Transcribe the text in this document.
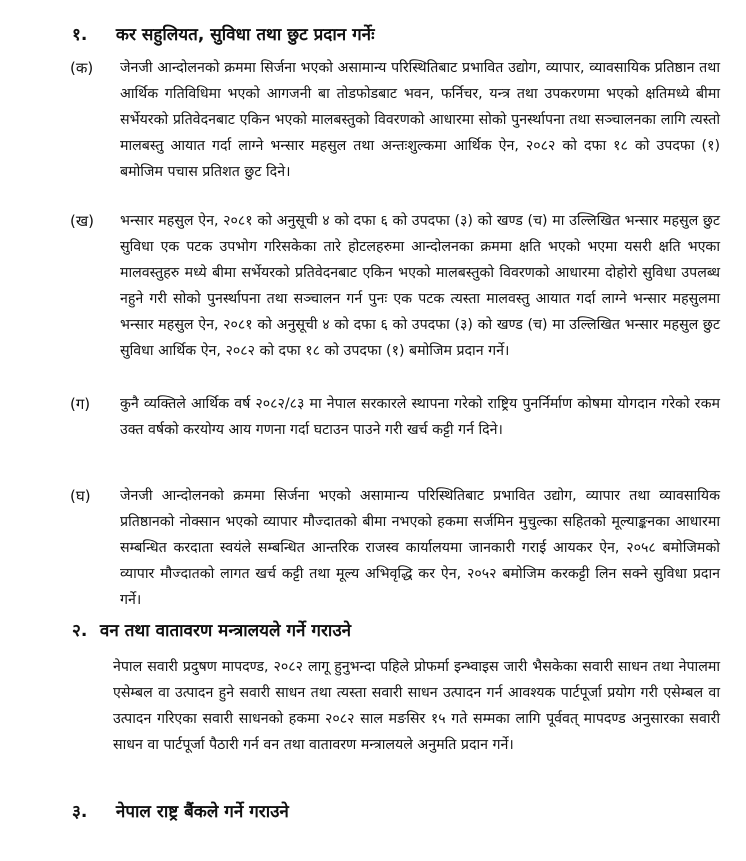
१. कर सहुलियत, सुविधा तथा छुट प्रदान गर्नेः
(क) जेनजी आन्दोलनको क्रममा सिर्जना भएको असामान्य परिस्थितिबाट प्रभावित उद्योग, व्यापार, व्यावसायिक प्रतिष्ठान तथा आर्थिक गतिविधिमा भएको आगजनी बा तोडफोडबाट भवन, फर्निचर, यन्त्र तथा उपकरणमा भएको क्षतिमध्ये बीमा सर्भेयरको प्रतिवेदनबाट एकिन भएको मालबस्तुको विवरणको आधारमा सोको पुनर्स्थापना तथा सञ्चालनका लागि त्यस्तो मालबस्तु आयात गर्दा लाग्ने भन्सार महसुल तथा अन्तःशुल्कमा आर्थिक ऐन, २०८२ को दफा १८ को उपदफा (१) बमोजिम पचास प्रतिशत छुट दिने।
(ख) भन्सार महसुल ऐन, २०८१ को अनुसूची ४ को दफा ६ को उपदफा (३) को खण्ड (च) मा उल्लिखित भन्सार महसुल छुट सुविधा एक पटक उपभोग गरिसकेका तारे होटलहरुमा आन्दोलनका क्रममा क्षति भएको भएमा यसरी क्षति भएका मालवस्तुहरु मध्ये बीमा सर्भेयरको प्रतिवेदनबाट एकिन भएको मालबस्तुको विवरणको आधारमा दोहोरो सुविधा उपलब्ध नहुने गरी सोको पुनर्स्थापना तथा सञ्चालन गर्न पुनः एक पटक त्यस्ता मालवस्तु आयात गर्दा लाग्ने भन्सार महसुलमा भन्सार महसुल ऐन, २०८१ को अनुसूची ४ को दफा ६ को उपदफा (३) को खण्ड (च) मा उल्लिखित भन्सार महसुल छुट सुविधा आर्थिक ऐन, २०८२ को दफा १८ को उपदफा (१) बमोजिम प्रदान गर्ने।
(ग) कुनै व्यक्तिले आर्थिक वर्ष २०८२/८३ मा नेपाल सरकारले स्थापना गरेको राष्ट्रिय पुनर्निर्माण कोषमा योगदान गरेको रकम उक्त वर्षको करयोग्य आय गणना गर्दा घटाउन पाउने गरी खर्च कट्टी गर्न दिने।
(घ) जेनजी आन्दोलनको क्रममा सिर्जना भएको असामान्य परिस्थितिबाट प्रभावित उद्योग, व्यापार तथा व्यावसायिक प्रतिष्ठानको नोक्सान भएको व्यापार मौज्दातको बीमा नभएको हकमा सर्जमिन मुचुल्का सहितको मूल्याङ्कनका आधारमा सम्बन्धित करदाता स्वयंले सम्बन्धित आन्तरिक राजस्व कार्यालयमा जानकारी गराई आयकर ऐन, २०५८ बमोजिमको व्यापार मौज्दातको लागत खर्च कट्टी तथा मूल्य अभिवृद्धि कर ऐन, २०५२ बमोजिम करकट्टी लिन सक्ने सुविधा प्रदान गर्ने।
२. वन तथा वातावरण मन्त्रालयले गर्ने गराउने
नेपाल सवारी प्रदुषण मापदण्ड, २०८२ लागू हुनुभन्दा पहिले प्रोफर्मा इन्भ्वाइस जारी भैसकेका सवारी साधन तथा नेपालमा एसेम्बल वा उत्पादन हुने सवारी साधन तथा त्यस्ता सवारी साधन उत्पादन गर्न आवश्यक पार्टपूर्जा प्रयोग गरी एसेम्बल वा उत्पादन गरिएका सवारी साधनको हकमा २०८२ साल मङसिर १५ गते सम्मका लागि पूर्ववत् मापदण्ड अनुसारका सवारी साधन वा पार्टपूर्जा पैठारी गर्न वन तथा वातावरण मन्त्रालयले अनुमति प्रदान गर्ने।
३. नेपाल राष्ट्र बैंकले गर्ने गराउने
